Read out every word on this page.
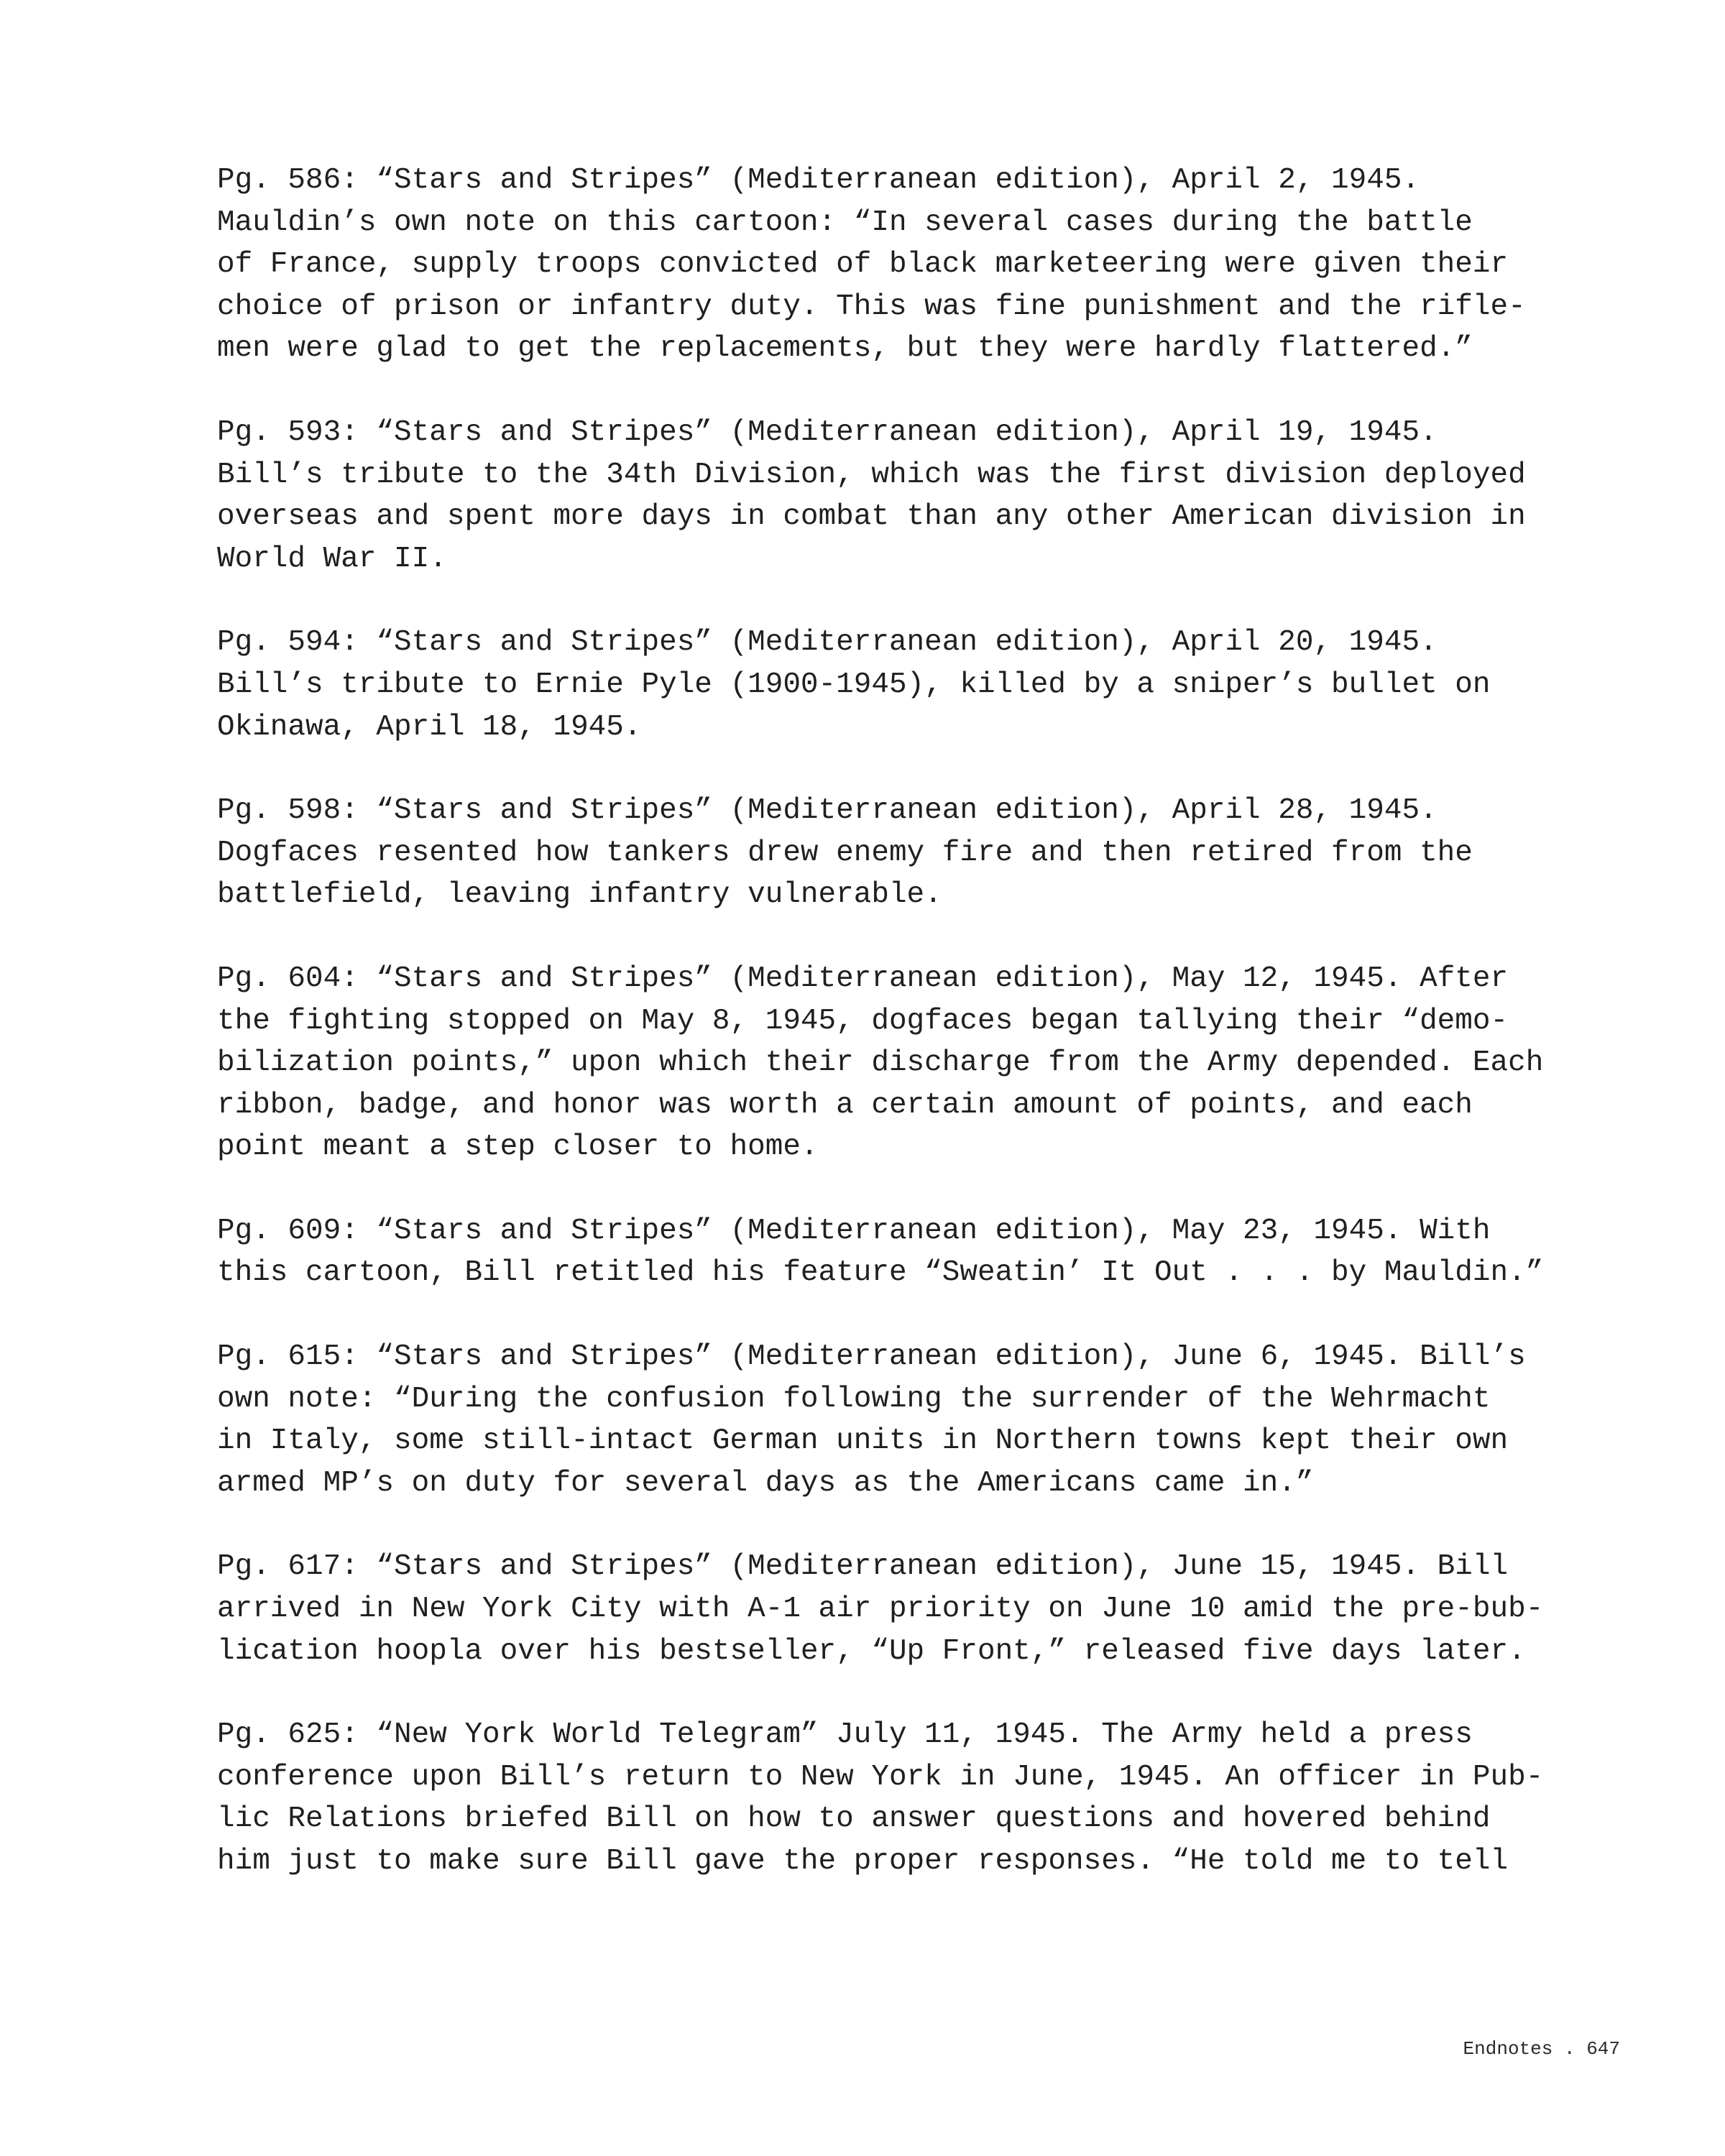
Pg. 586: “Stars and Stripes” (Mediterranean edition), April 2, 1945.
Mauldin’s own note on this cartoon: “In several cases during the battle
of France, supply troops convicted of black marketeering were given their
choice of prison or infantry duty. This was fine punishment and the rifle-
men were glad to get the replacements, but they were hardly flattered.”
Pg. 593: “Stars and Stripes” (Mediterranean edition), April 19, 1945.
Bill’s tribute to the 34th Division, which was the first division deployed
overseas and spent more days in combat than any other American division in
World War II.
Pg. 594: “Stars and Stripes” (Mediterranean edition), April 20, 1945.
Bill’s tribute to Ernie Pyle (1900-1945), killed by a sniper’s bullet on
Okinawa, April 18, 1945.
Pg. 598: “Stars and Stripes” (Mediterranean edition), April 28, 1945.
Dogfaces resented how tankers drew enemy fire and then retired from the
battlefield, leaving infantry vulnerable.
Pg. 604: “Stars and Stripes” (Mediterranean edition), May 12, 1945. After
the fighting stopped on May 8, 1945, dogfaces began tallying their “demo-
bilization points,” upon which their discharge from the Army depended. Each
ribbon, badge, and honor was worth a certain amount of points, and each
point meant a step closer to home.
Pg. 609: “Stars and Stripes” (Mediterranean edition), May 23, 1945. With
this cartoon, Bill retitled his feature “Sweatin’ It Out . . . by Mauldin.”
Pg. 615: “Stars and Stripes” (Mediterranean edition), June 6, 1945. Bill’s
own note: “During the confusion following the surrender of the Wehrmacht
in Italy, some still-intact German units in Northern towns kept their own
armed MP’s on duty for several days as the Americans came in.”
Pg. 617: “Stars and Stripes” (Mediterranean edition), June 15, 1945. Bill
arrived in New York City with A-1 air priority on June 10 amid the pre-bub-
lication hoopla over his bestseller, “Up Front,” released five days later.
Pg. 625: “New York World Telegram” July 11, 1945. The Army held a press
conference upon Bill’s return to New York in June, 1945. An officer in Pub-
lic Relations briefed Bill on how to answer questions and hovered behind
him just to make sure Bill gave the proper responses. “He told me to tell
Endnotes . 647
